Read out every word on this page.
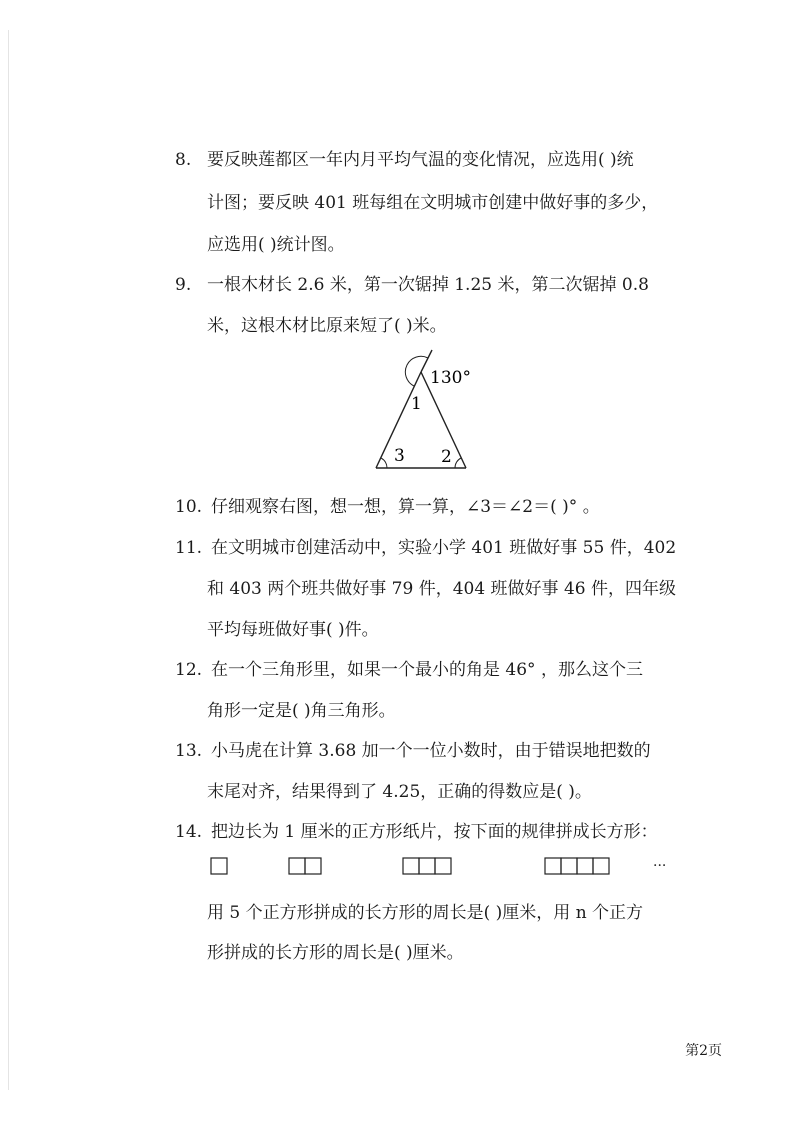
8. 要反映莲都区一年内月平均气温的变化情况，应选用( )统
计图；要反映 401 班每组在文明城市创建中做好事的多少，
应选用( )统计图。
9. 一根木材长 2.6 米，第一次锯掉 1.25 米，第二次锯掉 0.8
米，这根木材比原来短了( )米。
130°
1
3 2
10. 仔细观察右图，想一想，算一算，∠3＝∠2＝( )° 。
11. 在文明城市创建活动中，实验小学 401 班做好事 55 件，402
和 403 两个班共做好事 79 件，404 班做好事 46 件，四年级
平均每班做好事( )件。
12. 在一个三角形里，如果一个最小的角是 46° ，那么这个三
角形一定是( )角三角形。
13. 小马虎在计算 3.68 加一个一位小数时，由于错误地把数的
末尾对齐，结果得到了 4.25，正确的得数应是( )。
14. 把边长为 1 厘米的正方形纸片，按下面的规律拼成长方形：
···
用 5 个正方形拼成的长方形的周长是( )厘米，用 n 个正方
形拼成的长方形的周长是( )厘米。
第2页
